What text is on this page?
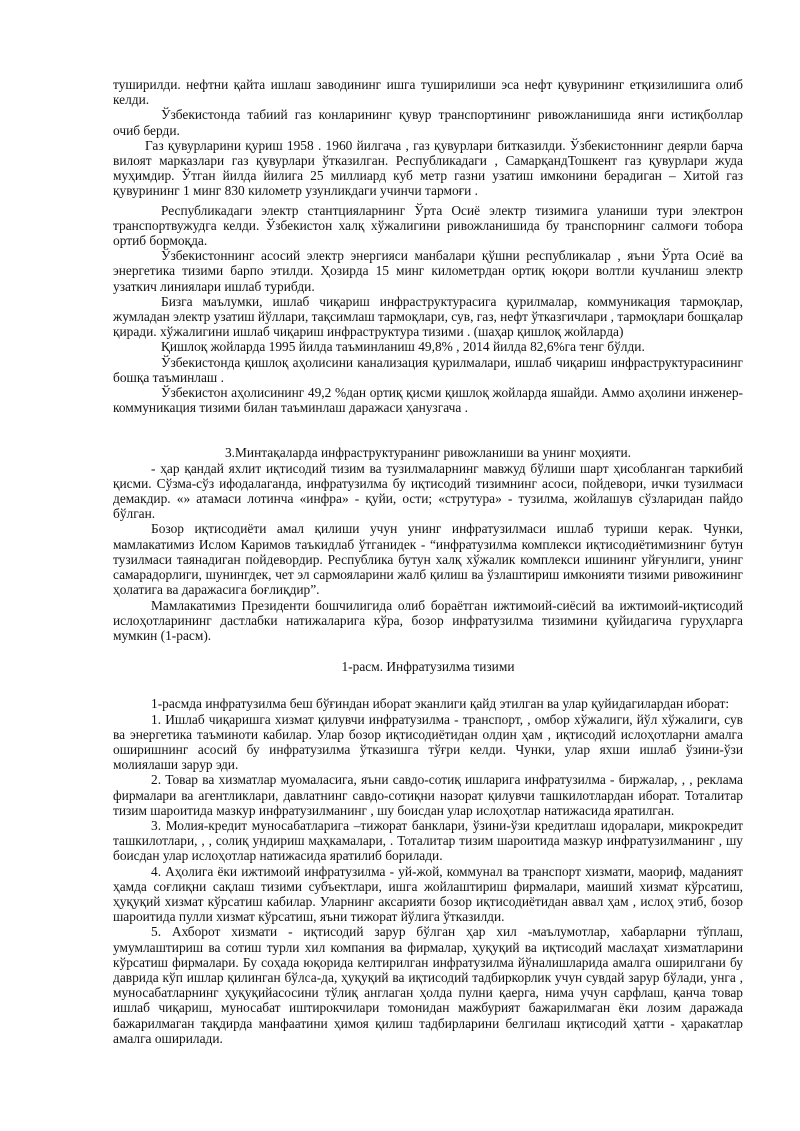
туширилди. нефтни қайта ишлаш заводининг ишга туширилиши эса нефт қувурининг етқизилишига олиб келди.

Ўзбекистонда табиий газ конларининг қувур транспортининг ривожланишида янги истиқболлар очиб берди.

Газ қувурларини қуриш 1958 . 1960 йилгача , газ қувурлари битказилди. Ўзбекистоннинг деярли барча вилоят марказлари газ қувурлари ўтказилган. Республикадаги , СамарқандТошкент газ қувурлари жуда муҳимдир. Ўтган йилда йилига 25 миллиард куб метр газни узатиш имконини берадиган – Хитой газ қувурининг 1 минг 830 километр узунликдаги учинчи тармоғи .

Республикадаги электр стантцияларнинг Ўрта Осиё электр тизимига уланиши тури электрон транспортвужудга келди. Ўзбекистон халқ хўжалигини ривожланишида бу транспорнинг салмоғи тобора ортиб бормоқда.

Ўзбекистоннинг асосий электр энергияси манбалари қўшни республикалар , яъни Ўрта Осиё ва энергетика тизими барпо этилди. Ҳозирда 15 минг километрдан ортиқ юқори волтли кучланиш электр узаткич линиялари ишлаб турибди.

Бизга маълумки, ишлаб чиқариш инфраструктурасига қурилмалар, коммуникация тармоқлар, жумладан электр узатиш йўллари, тақсимлаш тармоқлари, сув, газ, нефт ўтказгичлари , тармоқлари бошқалар қиради. хўжалигини ишлаб чиқариш инфраструктура тизими . (шаҳар қишлоқ жойларда)

Қишлоқ жойларда 1995 йилда таъминланиш 49,8% , 2014 йилда 82,6%га тенг бўлди.

Ўзбекистонда қишлоқ аҳолисини канализация қурилмалари, ишлаб чиқариш инфраструктурасининг бошқа таъминлаш .

Ўзбекистон аҳолисининг 49,2 %дан ортиқ қисми қишлоқ жойларда яшайди. Аммо аҳолини инженер-коммуникация тизими билан таъминлаш даражаси ҳанузгача .

3.Минтақаларда инфраструктуранинг ривожланиши ва унинг моҳияти.

- ҳар қандай яхлит иқтисодий тизим ва тузилмаларнинг мавжуд бўлиши шарт ҳисобланган таркибий қисми. Сўзма-сўз ифодалаганда, инфратузилма бу иқтисодий тизимнинг асоси, пойдевори, ички тузилмаси демакдир. «» атамаси лотинча «инфра» - қуйи, ости; «струтура» - тузилма, жойлашув сўзларидан пайдо бўлган.

Бозор иқтисодиёти амал қилиши учун унинг инфратузилмаси ишлаб туриши керак. Чунки, мамлакатимиз Ислом Каримов таъкидлаб ўтганидек - “инфратузилма комплекси иқтисодиётимизнинг бутун тузилмаси таянадиган пойдевордир. Республика бутун халқ хўжалик комплекси ишининг уйғунлиги, унинг самарадорлиги, шунингдек, чет эл сармояларини жалб қилиш ва ўзлаштириш имконияти тизими ривожининг ҳолатига ва даражасига боғлиқдир”.

Мамлакатимиз Президенти бошчилигида олиб бораётган ижтимоий-сиёсий ва ижтимоий-иқтисодий ислоҳотларининг дастлабки натижаларига кўра, бозор инфратузилма тизимини қуйидагича гуруҳларга мумкин (1-расм).

1-расм. Инфратузилма тизими

1-расмда инфратузилма беш бўғиндан иборат эканлиги қайд этилган ва улар қуйидагилардан иборат:

1. Ишлаб чиқаришга хизмат қилувчи инфратузилма - транспорт, , омбор хўжалиги, йўл хўжалиги, сув ва энергетика таъминоти кабилар. Улар бозор иқтисодиётидан олдин ҳам , иқтисодий ислоҳотларни амалга оширишнинг асосий бу инфратузилма ўтказишга тўғри келди. Чунки, улар яхши ишлаб ўзини-ўзи молиялаши зарур эди.

2. Товар ва хизматлар муомаласига, яъни савдо-сотиқ ишларига инфратузилма - биржалар, , , реклама фирмалари ва агентликлари, давлатнинг савдо-сотиқни назорат қилувчи ташкилотлардан иборат. Тоталитар тизим шароитида мазкур инфратузилманинг , шу боисдан улар ислоҳотлар натижасида яратилган.

3. Молия-кредит муносабатларига –тижорат банклари, ўзини-ўзи кредитлаш идоралари, микрокредит ташкилотлари, , , солиқ ундириш маҳкамалари, . Тоталитар тизим шароитида мазкур инфратузилманинг , шу боисдан улар ислоҳотлар натижасида яратилиб борилади.

4. Аҳолига ёки ижтимоий инфратузилма - уй-жой, коммунал ва транспорт хизмати, маориф, маданият ҳамда соғлиқни сақлаш тизими субъектлари, ишга жойлаштириш фирмалари, маиший хизмат кўрсатиш, ҳуқуқий хизмат кўрсатиш кабилар. Уларнинг аксарияти бозор иқтисодиётидан аввал ҳам , ислоҳ этиб, бозор шароитида пулли хизмат кўрсатиш, яъни тижорат йўлига ўтказилди.

5. Ахборот хизмати - иқтисодий зарур бўлган ҳар хил -маълумотлар, хабарларни тўплаш, умумлаштириш ва сотиш турли хил компания ва фирмалар, ҳуқуқий ва иқтисодий маслаҳат хизматларини кўрсатиш фирмалари. Бу соҳада юқорида келтирилган инфратузилма йўналишларида амалга оширилгани бу даврида кўп ишлар қилинган бўлса-да, ҳуқуқий ва иқтисодий тадбиркорлик учун сувдай зарур бўлади, унга , муносабатларнинг ҳуқуқийасосини тўлиқ англаган ҳолда пулни қаерга, нима учун сарфлаш, қанча товар ишлаб чиқариш, муносабат иштирокчилари томонидан мажбурият бажарилмаган ёки лозим даражада бажарилмаган тақдирда манфаатини ҳимоя қилиш тадбирларини белгилаш иқтисодий ҳатти - ҳаракатлар амалга оширилади.
